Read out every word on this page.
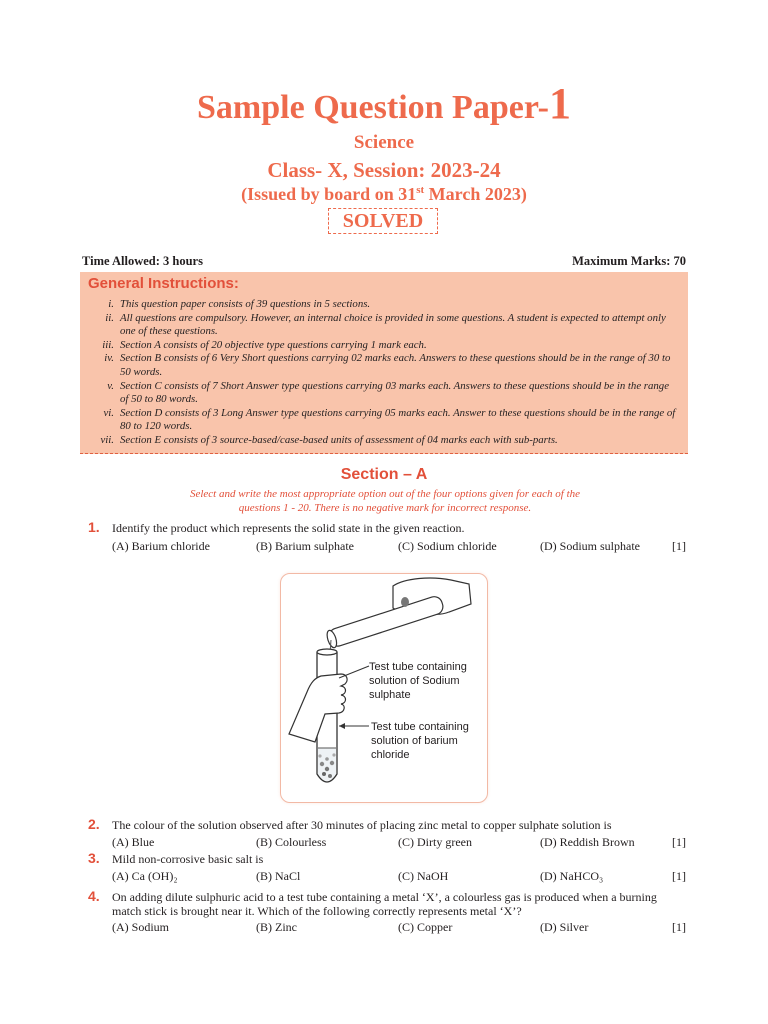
Sample Question Paper-1
Science
Class- X, Session: 2023-24
(Issued by board on 31st March 2023)
SOLVED
Time Allowed: 3 hours	Maximum Marks: 70
General Instructions:
i. This question paper consists of 39 questions in 5 sections.
ii. All questions are compulsory. However, an internal choice is provided in some questions. A student is expected to attempt only one of these questions.
iii. Section A consists of 20 objective type questions carrying 1 mark each.
iv. Section B consists of 6 Very Short questions carrying 02 marks each. Answers to these questions should be in the range of 30 to 50 words.
v. Section C consists of 7 Short Answer type questions carrying 03 marks each. Answers to these questions should be in the range of 50 to 80 words.
vi. Section D consists of 3 Long Answer type questions carrying 05 marks each. Answer to these questions should be in the range of 80 to 120 words.
vii. Section E consists of 3 source-based/case-based units of assessment of 04 marks each with sub-parts.
Section – A
Select and write the most appropriate option out of the four options given for each of the questions 1 - 20. There is no negative mark for incorrect response.
1. Identify the product which represents the solid state in the given reaction.
(A) Barium chloride	(B) Barium sulphate	(C) Sodium chloride	(D) Sodium sulphate	[1]
Test tube containing
solution of Sodium
sulphate
Test tube containing
solution of barium
chloride
2. The colour of the solution observed after 30 minutes of placing zinc metal to copper sulphate solution is
(A) Blue	(B) Colourless	(C) Dirty green	(D) Reddish Brown	[1]
3. Mild non-corrosive basic salt is
(A) Ca (OH)₂	(B) NaCl	(C) NaOH	(D) NaHCO₃	[1]
4. On adding dilute sulphuric acid to a test tube containing a metal ‘X’, a colourless gas is produced when a burning match stick is brought near it. Which of the following correctly represents metal ‘X’?
(A) Sodium	(B) Zinc	(C) Copper	(D) Silver	[1]
